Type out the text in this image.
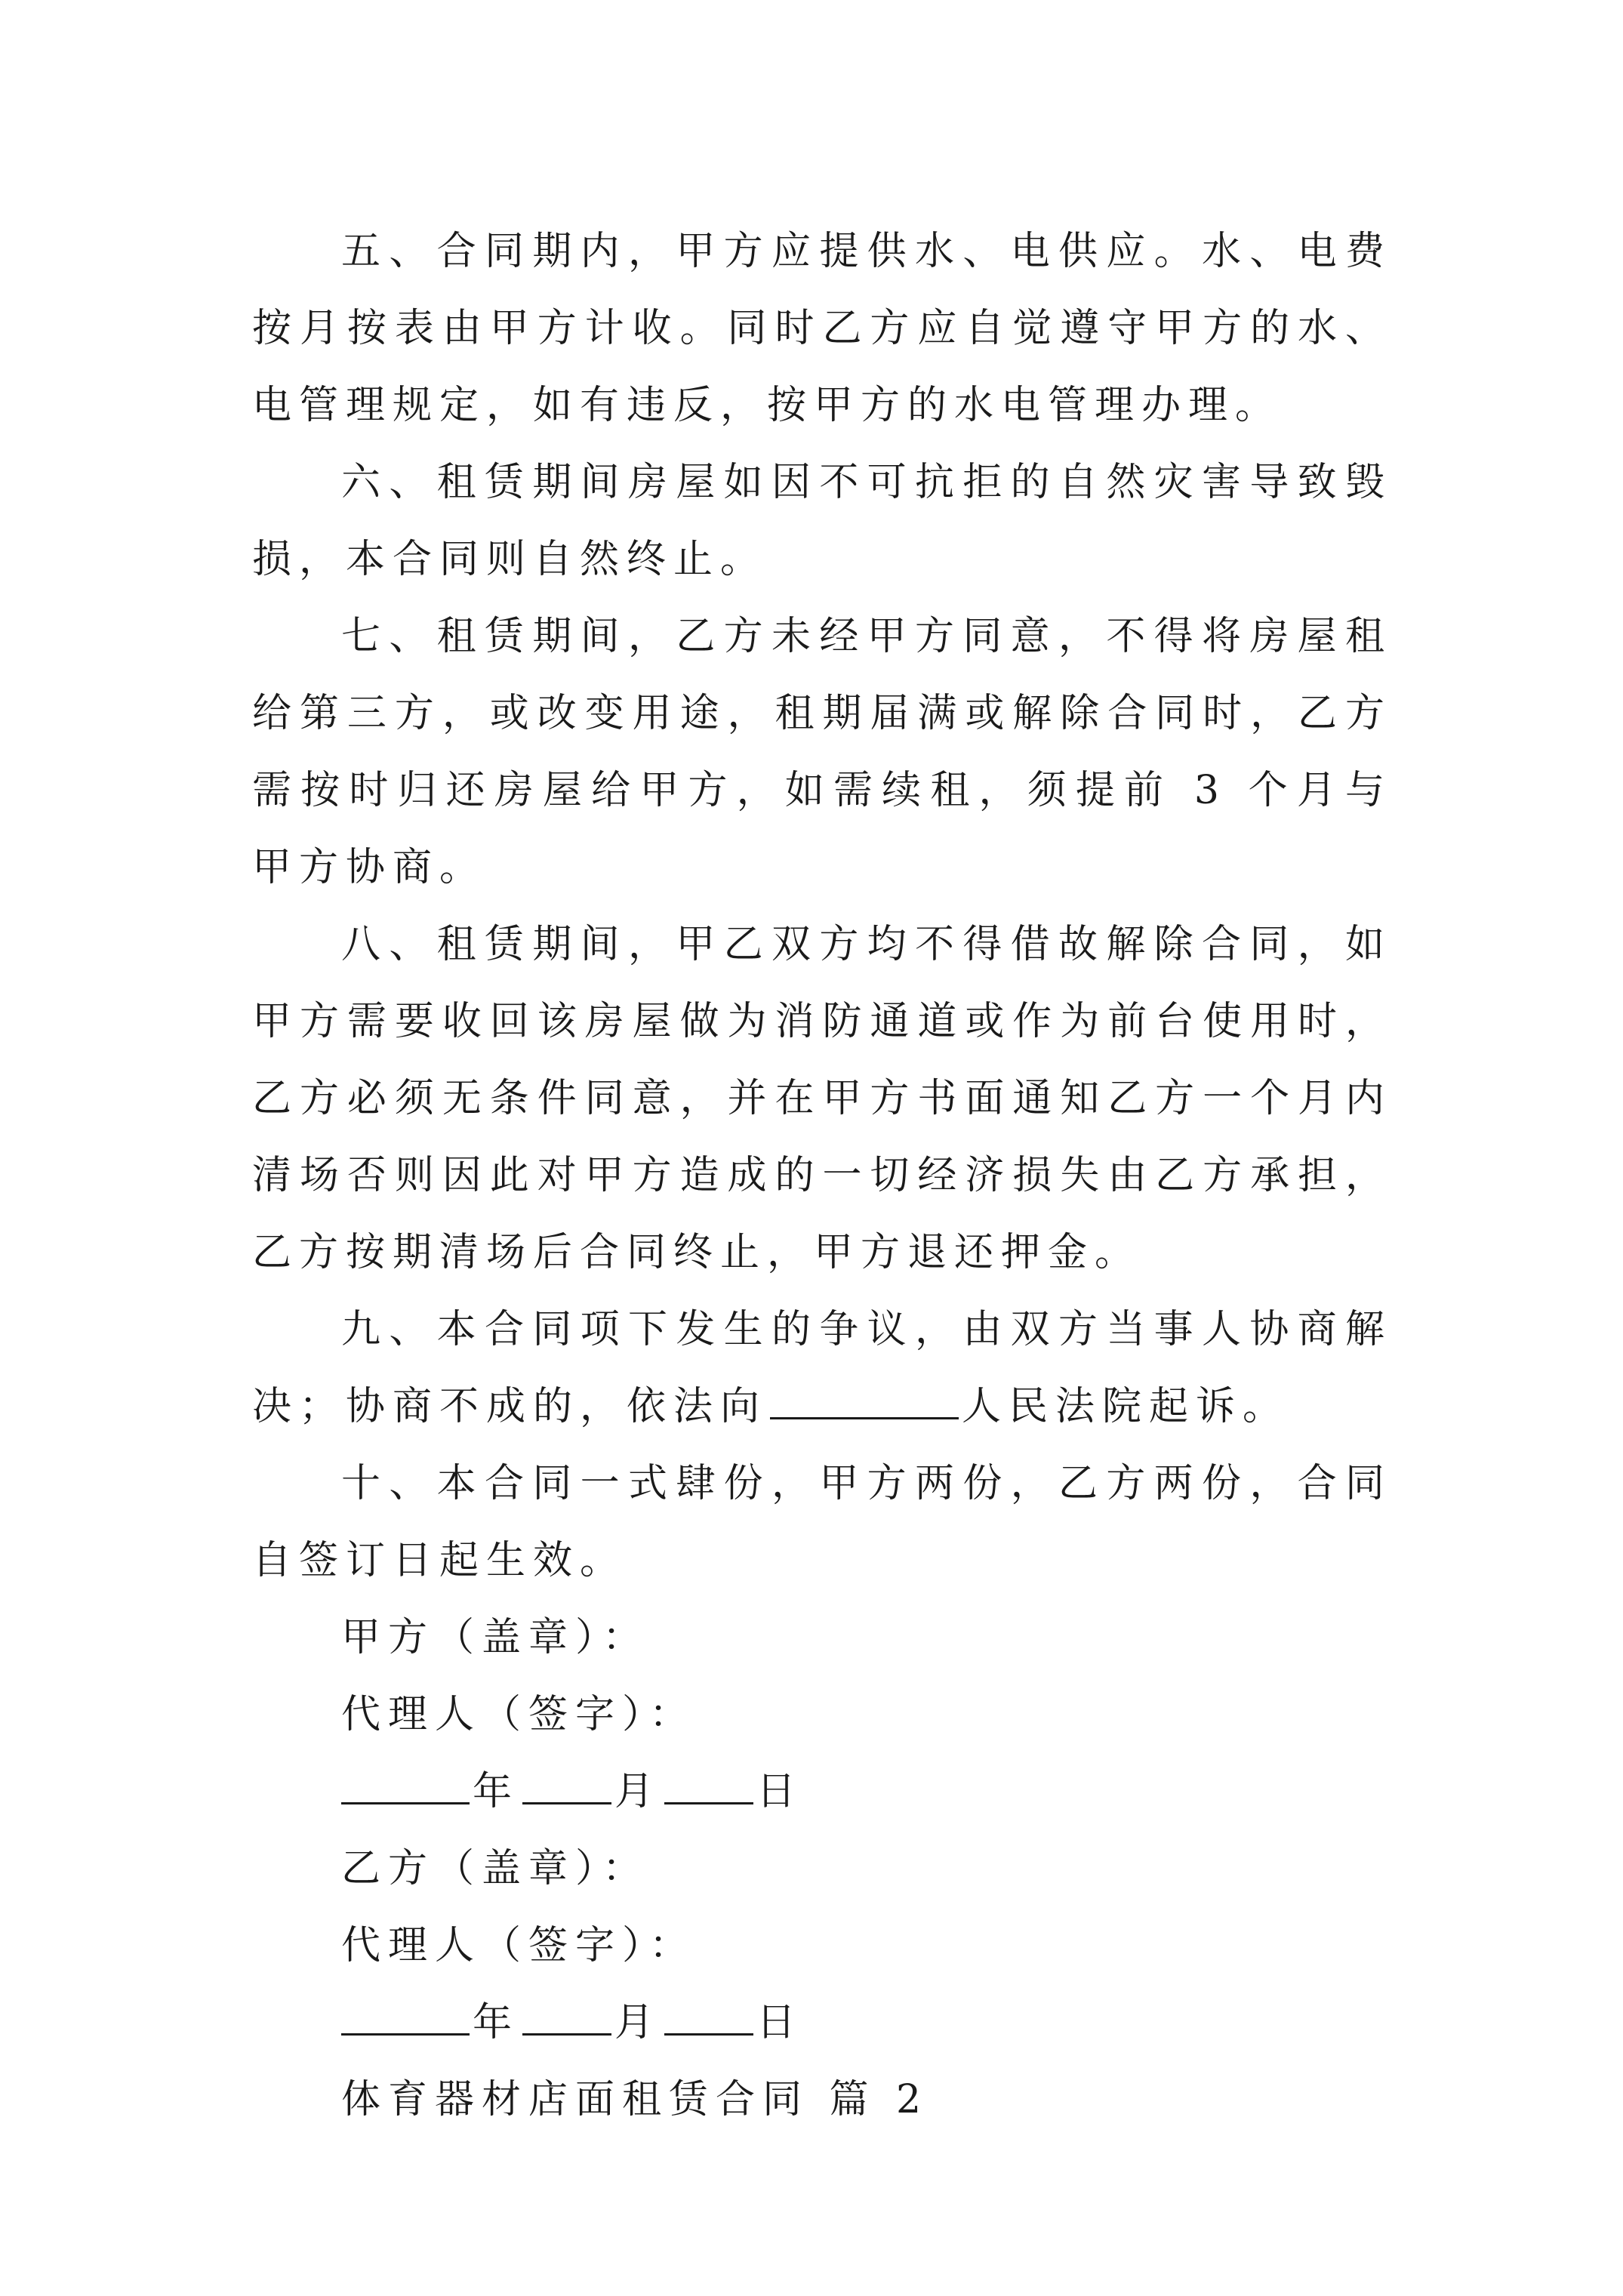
五、合同期内，甲方应提供水、电供应。水、电费按月按表由甲方计收。同时乙方应自觉遵守甲方的水、电管理规定，如有违反，按甲方的水电管理办理。

六、租赁期间房屋如因不可抗拒的自然灾害导致毁损，本合同则自然终止。

七、租赁期间，乙方未经甲方同意，不得将房屋租给第三方，或改变用途，租期届满或解除合同时，乙方需按时归还房屋给甲方，如需续租，须提前 3 个月与甲方协商。

八、租赁期间，甲乙双方均不得借故解除合同，如甲方需要收回该房屋做为消防通道或作为前台使用时，乙方必须无条件同意，并在甲方书面通知乙方一个月内清场否则因此对甲方造成的一切经济损失由乙方承担，乙方按期清场后合同终止，甲方退还押金。

九、本合同项下发生的争议，由双方当事人协商解决；协商不成的，依法向	人民法院起诉。

十、本合同一式肆份，甲方两份，乙方两份，合同自签订日起生效。

甲方（盖章）：

代理人（签字）：

年 月 日

乙方（盖章）：

代理人（签字）：

年 月 日

体育器材店面租赁合同 篇 2
